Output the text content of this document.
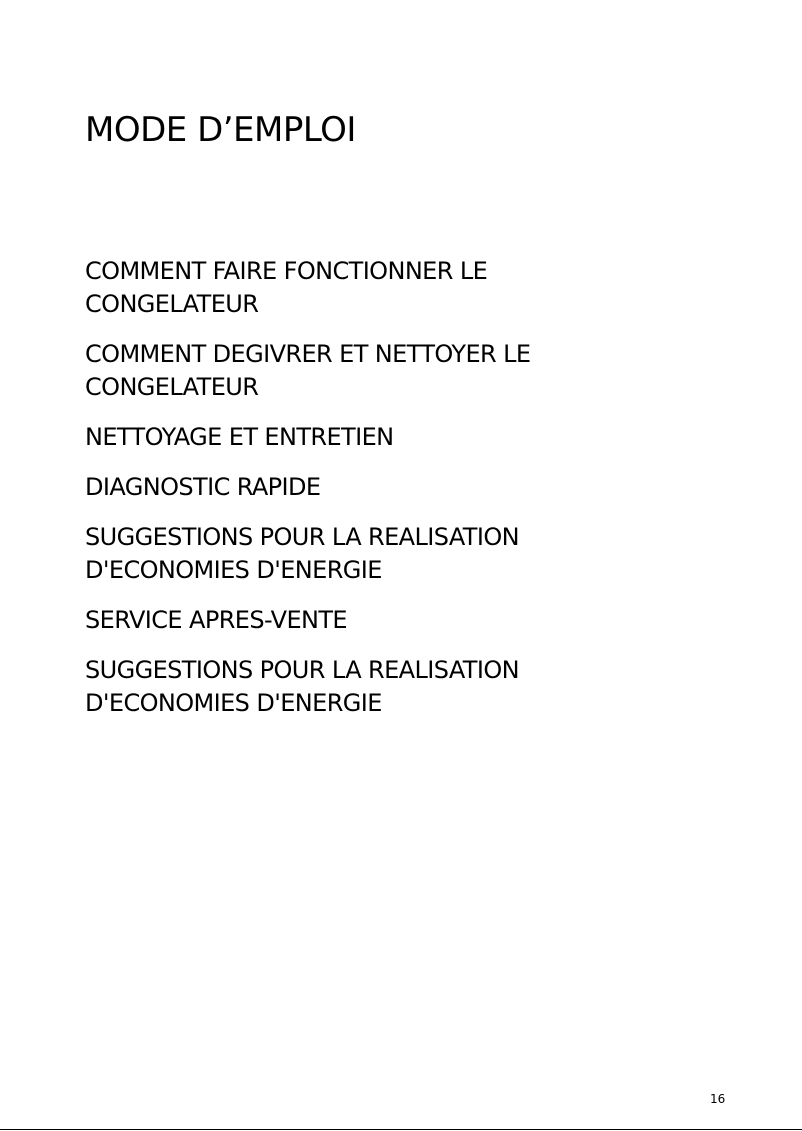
MODE D’EMPLOI
COMMENT FAIRE FONCTIONNER LE
CONGELATEUR
COMMENT DEGIVRER ET NETTOYER LE
CONGELATEUR
NETTOYAGE ET ENTRETIEN
DIAGNOSTIC RAPIDE
SUGGESTIONS POUR LA REALISATION
D'ECONOMIES D'ENERGIE
SERVICE APRES-VENTE
SUGGESTIONS POUR LA REALISATION
D'ECONOMIES D'ENERGIE
16
